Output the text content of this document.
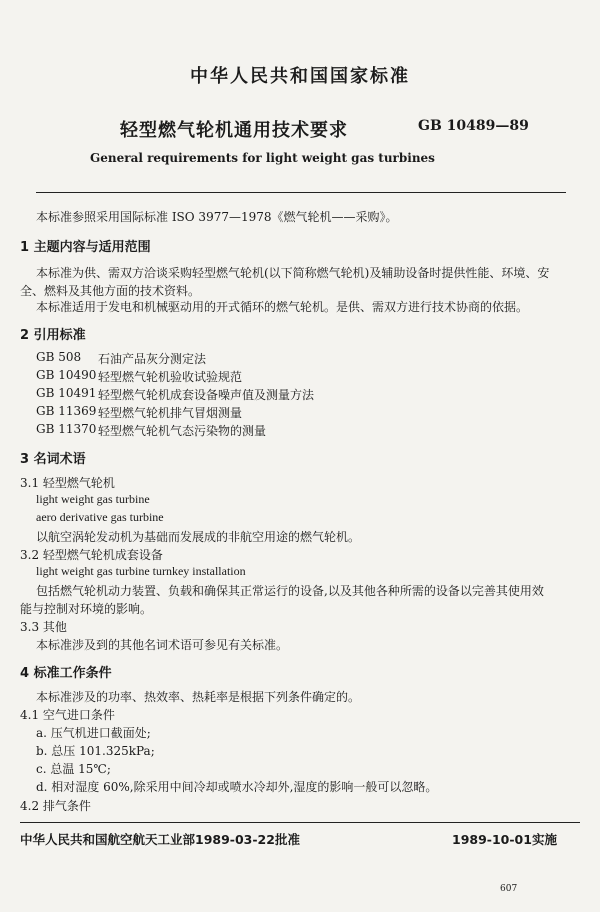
中华人民共和国国家标准
轻型燃气轮机通用技术要求	GB 10489—89
General requirements for light weight gas turbines
本标准参照采用国际标准 ISO 3977—1978《燃气轮机——采购》。
1 主题内容与适用范围
本标准为供、需双方洽谈采购轻型燃气轮机(以下简称燃气轮机)及辅助设备时提供性能、环境、安
全、燃料及其他方面的技术资料。
本标准适用于发电和机械驱动用的开式循环的燃气轮机。是供、需双方进行技术协商的依据。
2 引用标准
GB 508 石油产品灰分测定法
GB 10490 轻型燃气轮机验收试验规范
GB 10491 轻型燃气轮机成套设备噪声值及测量方法
GB 11369 轻型燃气轮机排气冒烟测量
GB 11370 轻型燃气轮机气态污染物的测量
3 名词术语
3.1 轻型燃气轮机
light weight gas turbine
aero derivative gas turbine
以航空涡轮发动机为基础而发展成的非航空用途的燃气轮机。
3.2 轻型燃气轮机成套设备
light weight gas turbine turnkey installation
包括燃气轮机动力装置、负载和确保其正常运行的设备,以及其他各种所需的设备以完善其使用效
能与控制对环境的影响。
3.3 其他
本标准涉及到的其他名词术语可参见有关标准。
4 标准工作条件
本标准涉及的功率、热效率、热耗率是根据下列条件确定的。
4.1 空气进口条件
a. 压气机进口截面处;
b. 总压 101.325kPa;
c. 总温 15℃;
d. 相对湿度 60%,除采用中间冷却或喷水冷却外,湿度的影响一般可以忽略。
4.2 排气条件
中华人民共和国航空航天工业部1989-03-22批准	1989-10-01实施
607
